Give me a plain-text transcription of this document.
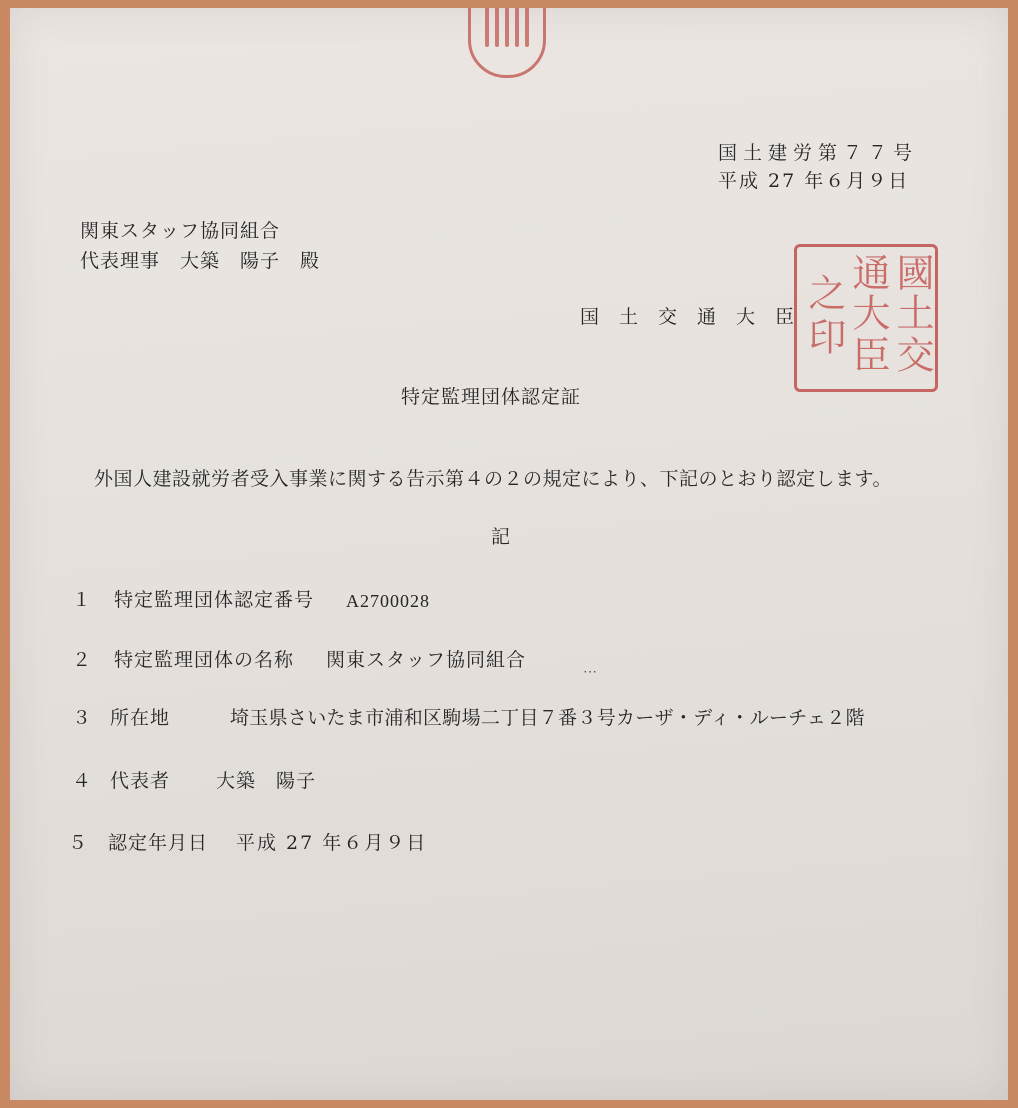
国土建労第７７号
平成 27 年６月９日
関東スタッフ協同組合
代表理事　大築　陽子　殿
国土交通大臣
國
土
交
通
大
臣
之
印
特定監理団体認定証
外国人建設就労者受入事業に関する告示第４の２の規定により、下記のとおり認定します。
記
１ 特定監理団体認定番号 A2700028
２ 特定監理団体の名称 関東スタッフ協同組合
⋯
３ 所在地	埼玉県さいたま市浦和区駒場二丁目７番３号カーザ・ディ・ルーチェ２階
４ 代表者 大築　陽子
５ 認定年月日 平成 27 年６月９日
